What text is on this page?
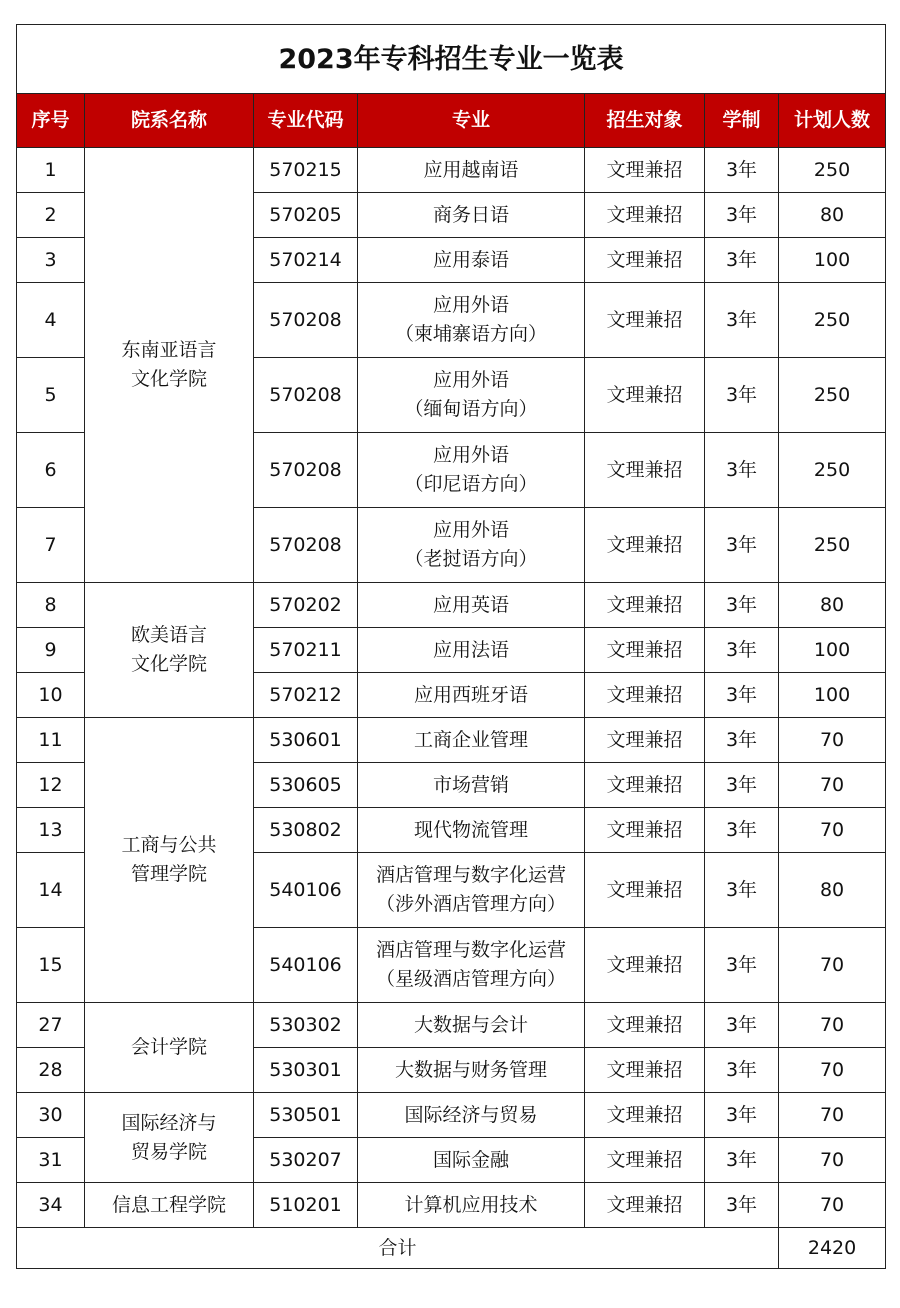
2023年专科招生专业一览表						
序号	院系名称	专业代码	专业	招生对象	学制	计划人数
1	东南亚语言
文化学院	570215	应用越南语	文理兼招	3年	250
2		570205	商务日语	文理兼招	3年	80
3		570214	应用泰语	文理兼招	3年	100
4		570208	应用外语
（柬埔寨语方向）	文理兼招	3年	250
5		570208	应用外语
（缅甸语方向）	文理兼招	3年	250
6		570208	应用外语
（印尼语方向）	文理兼招	3年	250
7		570208	应用外语
（老挝语方向）	文理兼招	3年	250
8	欧美语言
文化学院	570202	应用英语	文理兼招	3年	80
9		570211	应用法语	文理兼招	3年	100
10		570212	应用西班牙语	文理兼招	3年	100
11	工商与公共
管理学院	530601	工商企业管理	文理兼招	3年	70
12		530605	市场营销	文理兼招	3年	70
13		530802	现代物流管理	文理兼招	3年	70
14		540106	酒店管理与数字化运营
（涉外酒店管理方向）	文理兼招	3年	80
15		540106	酒店管理与数字化运营
（星级酒店管理方向）	文理兼招	3年	70
27	会计学院	530302	大数据与会计	文理兼招	3年	70
28		530301	大数据与财务管理	文理兼招	3年	70
30	国际经济与
贸易学院	530501	国际经济与贸易	文理兼招	3年	70
31		530207	国际金融	文理兼招	3年	70
34	信息工程学院	510201	计算机应用技术	文理兼招	3年	70
合计						2420
